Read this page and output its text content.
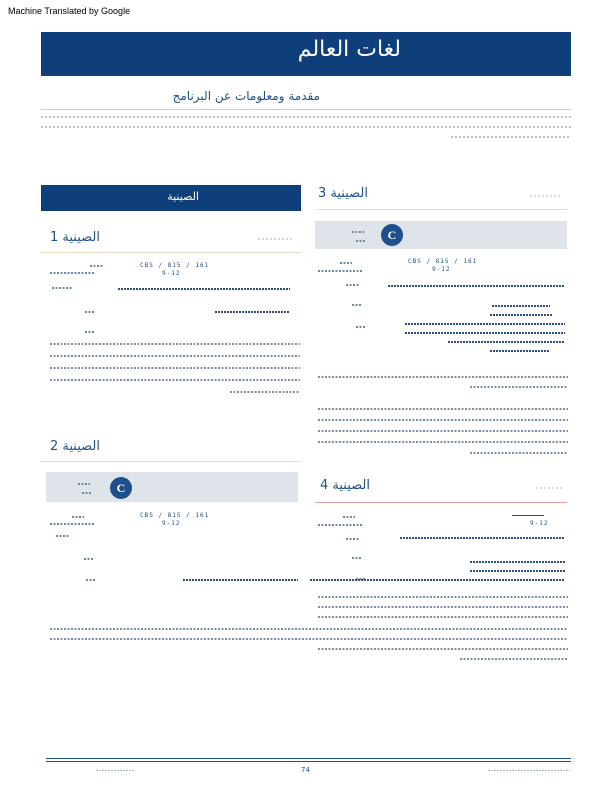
Machine Translated by Google
لغات العالم
مقدمة ومعلومات عن البرنامج
الصينية
الصينية 1
CBS / 815 / 161
9-12
الصينية 2
C
CBS / 815 / 161
9-12
الصينية 3
C
CBS / 815 / 161
9-12
الصينية 4
9-12
74
